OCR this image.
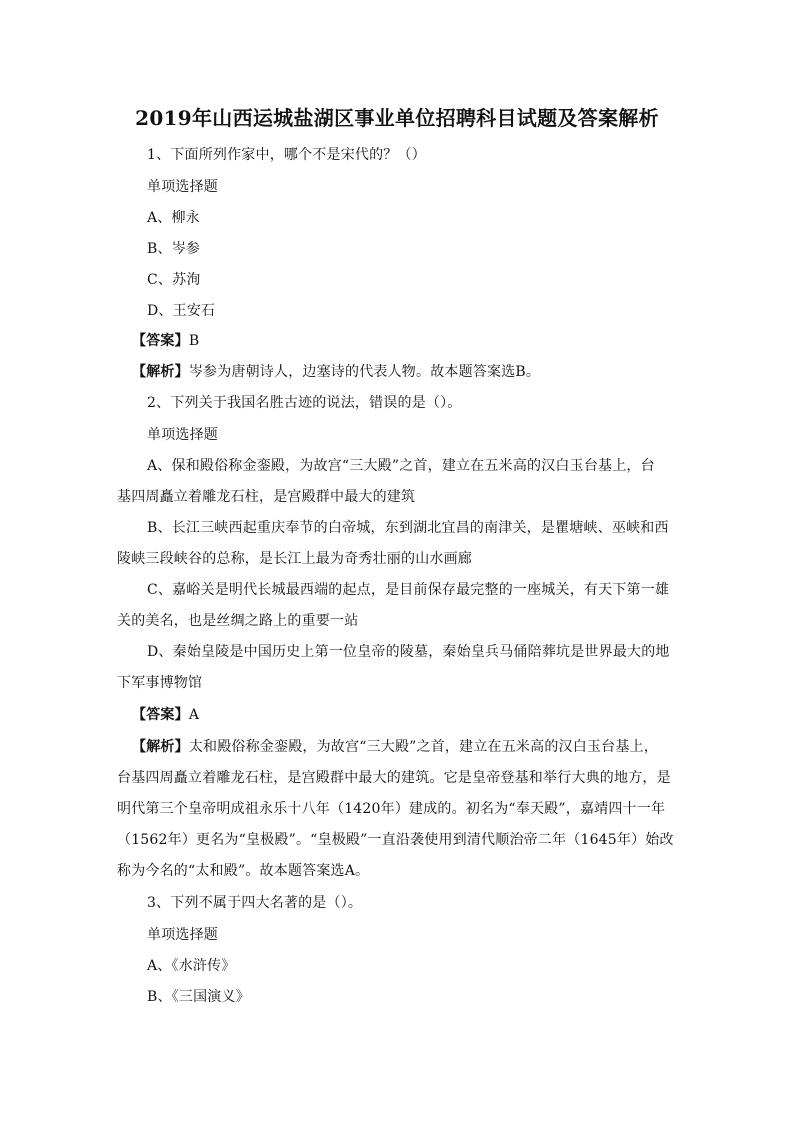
2019年山西运城盐湖区事业单位招聘科目试题及答案解析
1、下面所列作家中，哪个不是宋代的？（）
单项选择题
A、柳永
B、岑参
C、苏洵
D、王安石
【答案】B
【解析】岑参为唐朝诗人，边塞诗的代表人物。故本题答案选B。
2、下列关于我国名胜古迹的说法，错误的是（）。
单项选择题
A、保和殿俗称金銮殿，为故宫“三大殿”之首，建立在五米高的汉白玉台基上，台
基四周矗立着雕龙石柱，是宫殿群中最大的建筑
B、长江三峡西起重庆奉节的白帝城，东到湖北宜昌的南津关，是瞿塘峡、巫峡和西
陵峡三段峡谷的总称，是长江上最为奇秀壮丽的山水画廊
C、嘉峪关是明代长城最西端的起点，是目前保存最完整的一座城关，有天下第一雄
关的美名，也是丝绸之路上的重要一站
D、秦始皇陵是中国历史上第一位皇帝的陵墓，秦始皇兵马俑陪葬坑是世界最大的地
下军事博物馆
【答案】A
【解析】太和殿俗称金銮殿，为故宫“三大殿”之首，建立在五米高的汉白玉台基上，
台基四周矗立着雕龙石柱，是宫殿群中最大的建筑。它是皇帝登基和举行大典的地方，是
明代第三个皇帝明成祖永乐十八年（1420年）建成的。初名为“奉天殿”，嘉靖四十一年
（1562年）更名为“皇极殿”。“皇极殿”一直沿袭使用到清代顺治帝二年（1645年）始改
称为今名的“太和殿”。故本题答案选A。
3、下列不属于四大名著的是（）。
单项选择题
A、《水浒传》
B、《三国演义》
